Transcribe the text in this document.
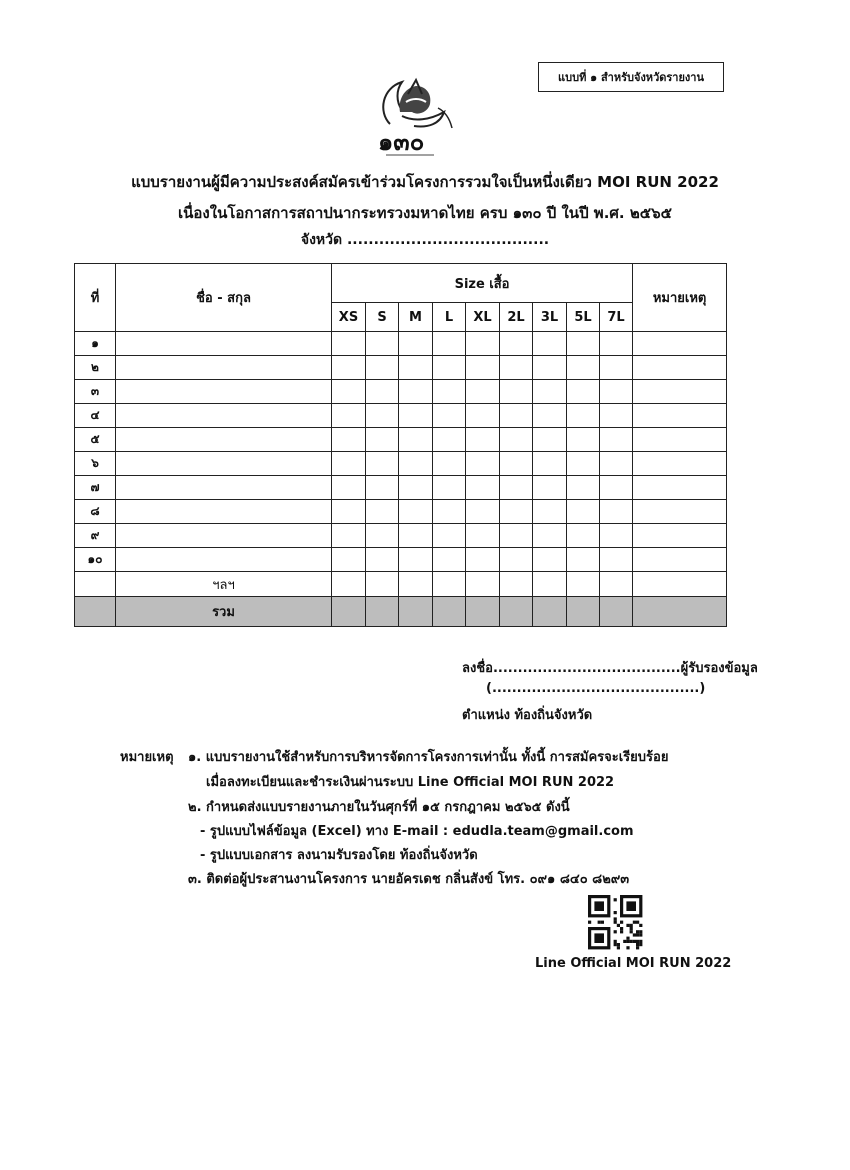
แบบที่ ๑ สำหรับจังหวัดรายงาน
๑๓๐
แบบรายงานผู้มีความประสงค์สมัครเข้าร่วมโครงการรวมใจเป็นหนึ่งเดียว MOI RUN 2022
เนื่องในโอกาสการสถาปนากระทรวงมหาดไทย ครบ ๑๓๐ ปี ในปี พ.ศ. ๒๕๖๕
จังหวัด ......................................
ที่	ชื่อ - สกุล	Size เสื้อ									หมายเหตุ
		XS	S	M	L	XL	2L	3L	5L	7L	
๑											
๒											
๓											
๔											
๕											
๖											
๗											
๘											
๙											
๑๐											
	ฯลฯ										
	รวม										
ลงชื่อ......................................ผู้รับรองข้อมูล
(..........................................)
ตำแหน่ง ท้องถิ่นจังหวัด
หมายเหตุ ๑. แบบรายงานใช้สำหรับการบริหารจัดการโครงการเท่านั้น ทั้งนี้ การสมัครจะเรียบร้อย
เมื่อลงทะเบียนและชำระเงินผ่านระบบ Line Official MOI RUN 2022
๒. กำหนดส่งแบบรายงานภายในวันศุกร์ที่ ๑๕ กรกฎาคม ๒๕๖๕ ดังนี้
- รูปแบบไฟล์ข้อมูล (Excel) ทาง E-mail : edudla.team@gmail.com
- รูปแบบเอกสาร ลงนามรับรองโดย ท้องถิ่นจังหวัด
๓. ติดต่อผู้ประสานงานโครงการ นายอัครเดช กลิ่นสังข์ โทร. ๐๙๑ ๘๔๐ ๘๒๙๓
Line Official MOI RUN 2022
